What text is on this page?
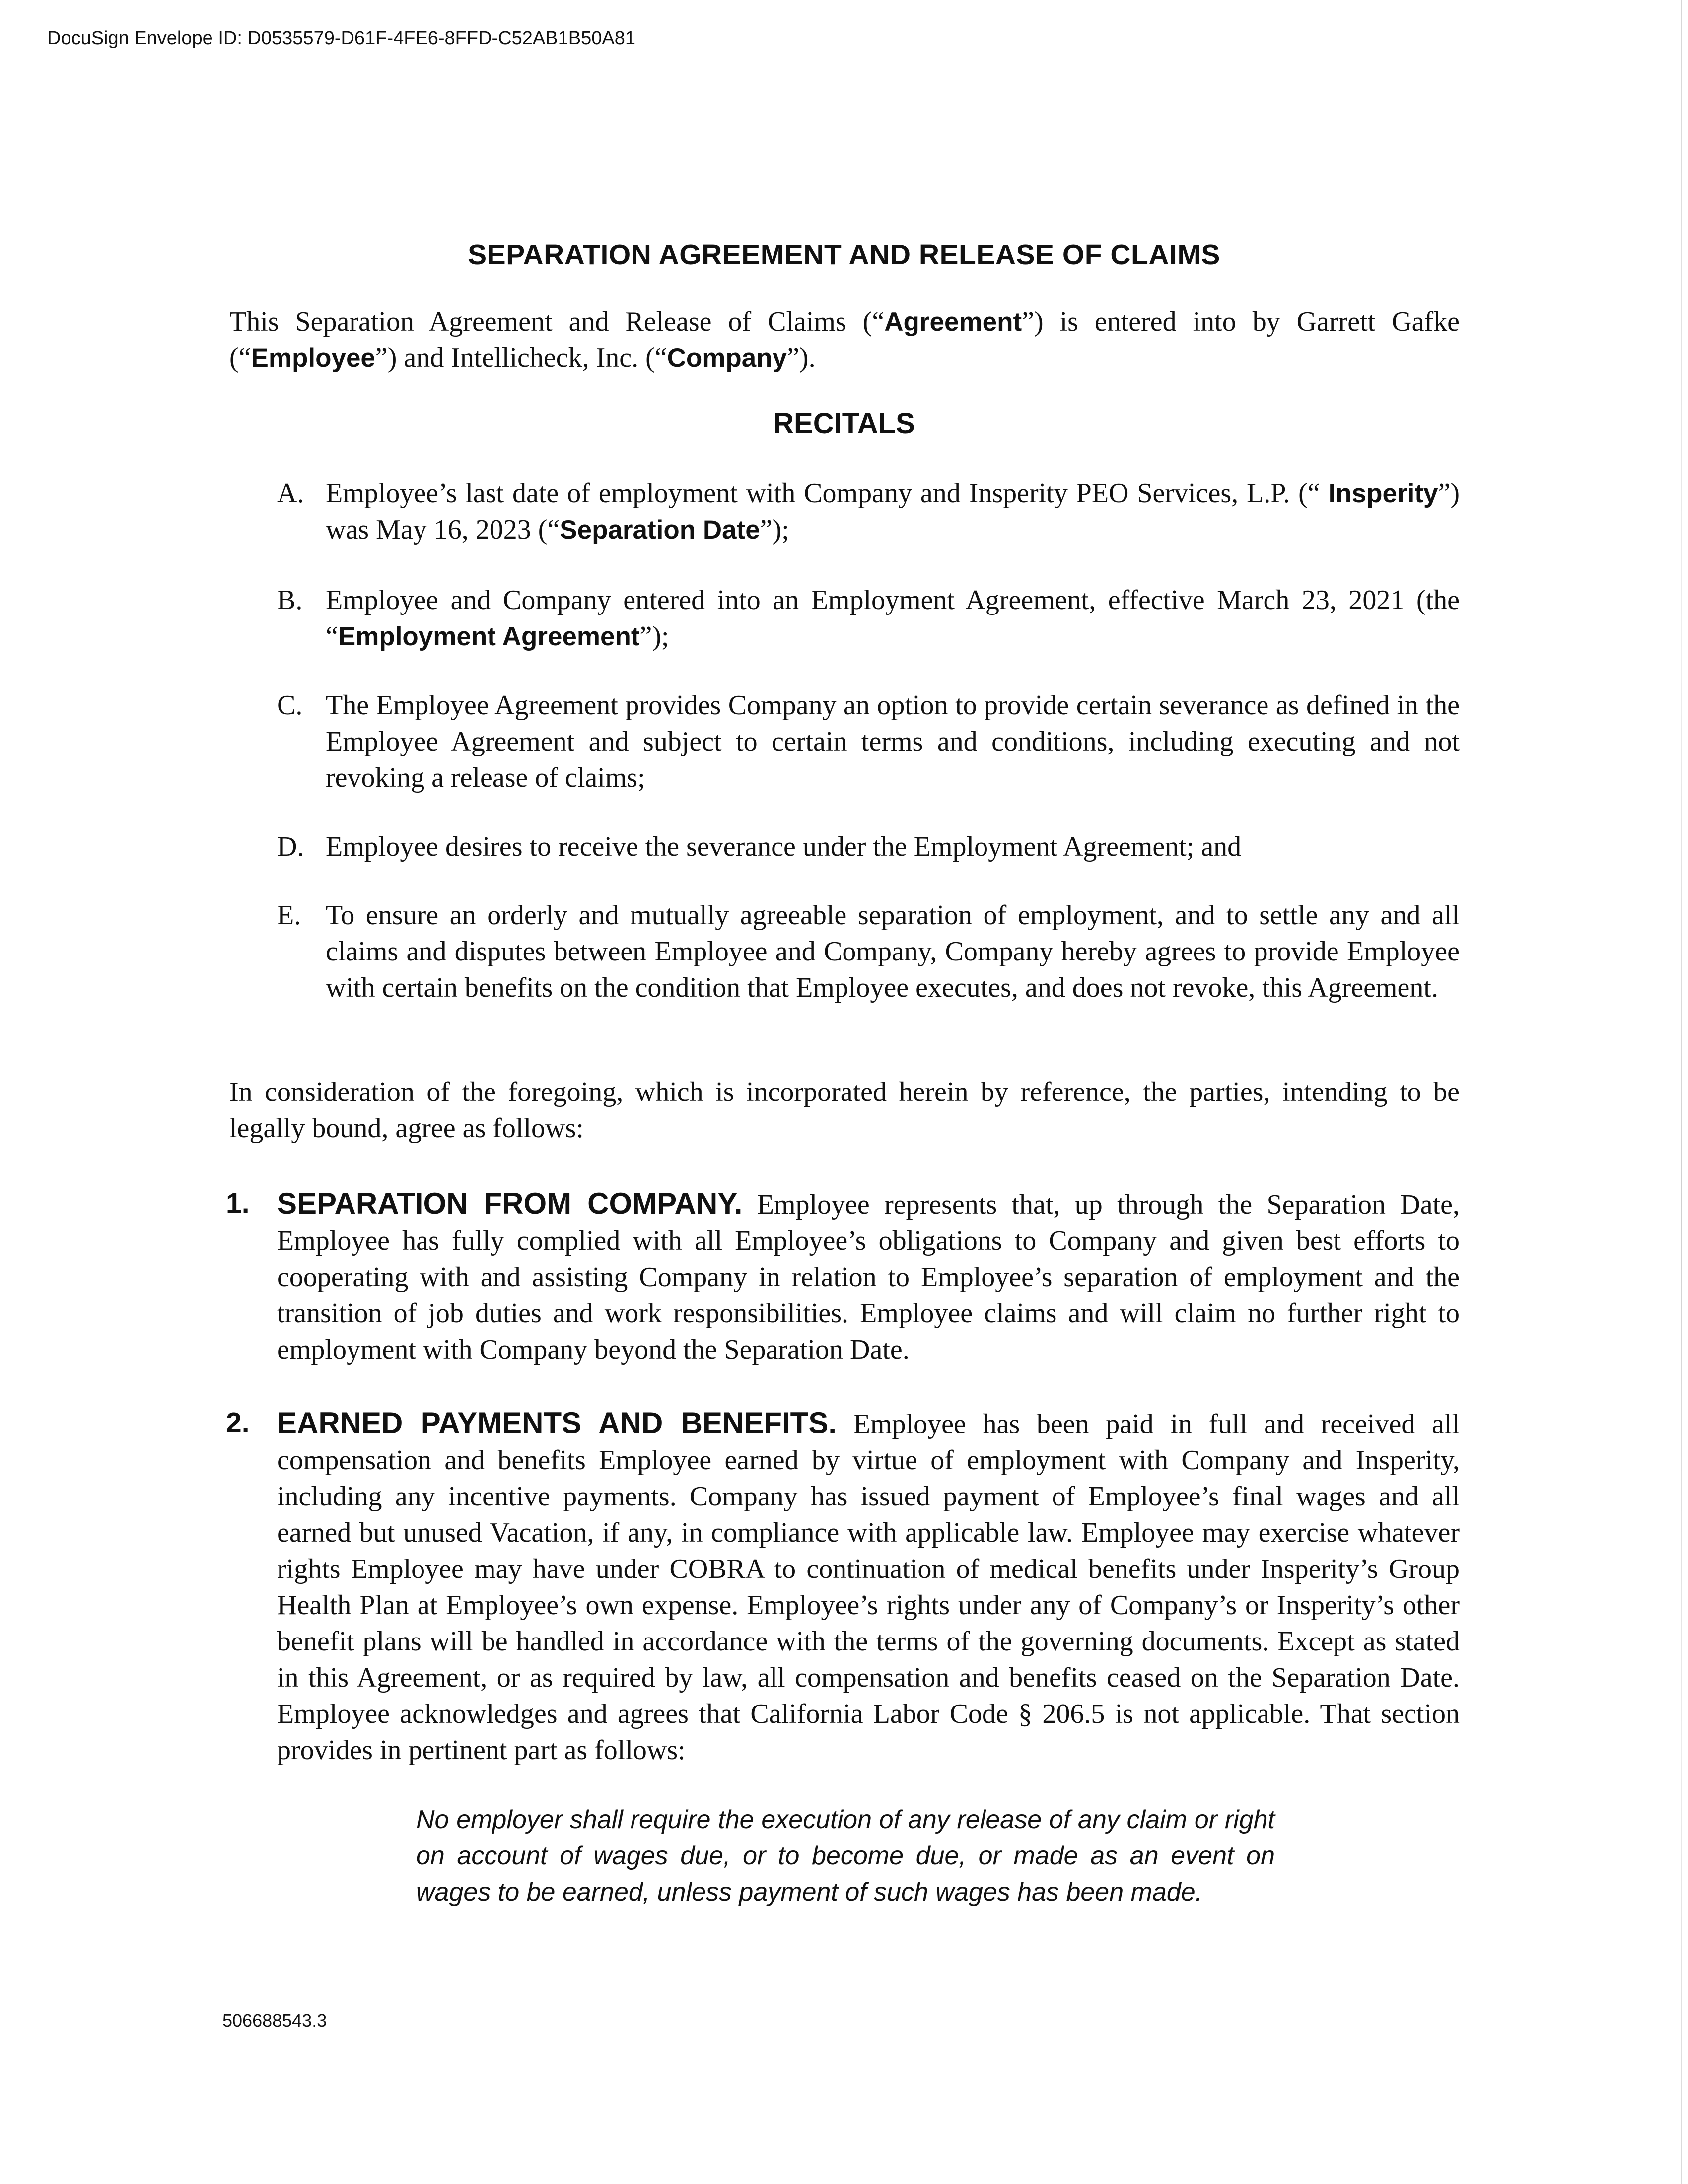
DocuSign Envelope ID: D0535579-D61F-4FE6-8FFD-C52AB1B50A81
SEPARATION AGREEMENT AND RELEASE OF CLAIMS
This Separation Agreement and Release of Claims (“Agreement”) is entered into by Garrett Gafke (“Employee”) and Intellicheck, Inc. (“Company”).
RECITALS
A. Employee’s last date of employment with Company and Insperity PEO Services, L.P. (“ Insperity”) was May 16, 2023 (“Separation Date”);
B. Employee and Company entered into an Employment Agreement, effective March 23, 2021 (the “Employment Agreement”);
C. The Employee Agreement provides Company an option to provide certain severance as defined in the Employee Agreement and subject to certain terms and conditions, including executing and not revoking a release of claims;
D. Employee desires to receive the severance under the Employment Agreement; and
E. To ensure an orderly and mutually agreeable separation of employment, and to settle any and all claims and disputes between Employee and Company, Company hereby agrees to provide Employee with certain benefits on the condition that Employee executes, and does not revoke, this Agreement.
In consideration of the foregoing, which is incorporated herein by reference, the parties, intending to be legally bound, agree as follows:
1. SEPARATION FROM COMPANY. Employee represents that, up through the Separation Date, Employee has fully complied with all Employee’s obligations to Company and given best efforts to cooperating with and assisting Company in relation to Employee’s separation of employment and the transition of job duties and work responsibilities. Employee claims and will claim no further right to employment with Company beyond the Separation Date.
2. EARNED PAYMENTS AND BENEFITS. Employee has been paid in full and received all compensation and benefits Employee earned by virtue of employment with Company and Insperity, including any incentive payments. Company has issued payment of Employee’s final wages and all earned but unused Vacation, if any, in compliance with applicable law. Employee may exercise whatever rights Employee may have under COBRA to continuation of medical benefits under Insperity’s Group Health Plan at Employee’s own expense. Employee’s rights under any of Company’s or Insperity’s other benefit plans will be handled in accordance with the terms of the governing documents. Except as stated in this Agreement, or as required by law, all compensation and benefits ceased on the Separation Date. Employee acknowledges and agrees that California Labor Code § 206.5 is not applicable. That section provides in pertinent part as follows:
No employer shall require the execution of any release of any claim or right on account of wages due, or to become due, or made as an event on wages to be earned, unless payment of such wages has been made.
506688543.3
